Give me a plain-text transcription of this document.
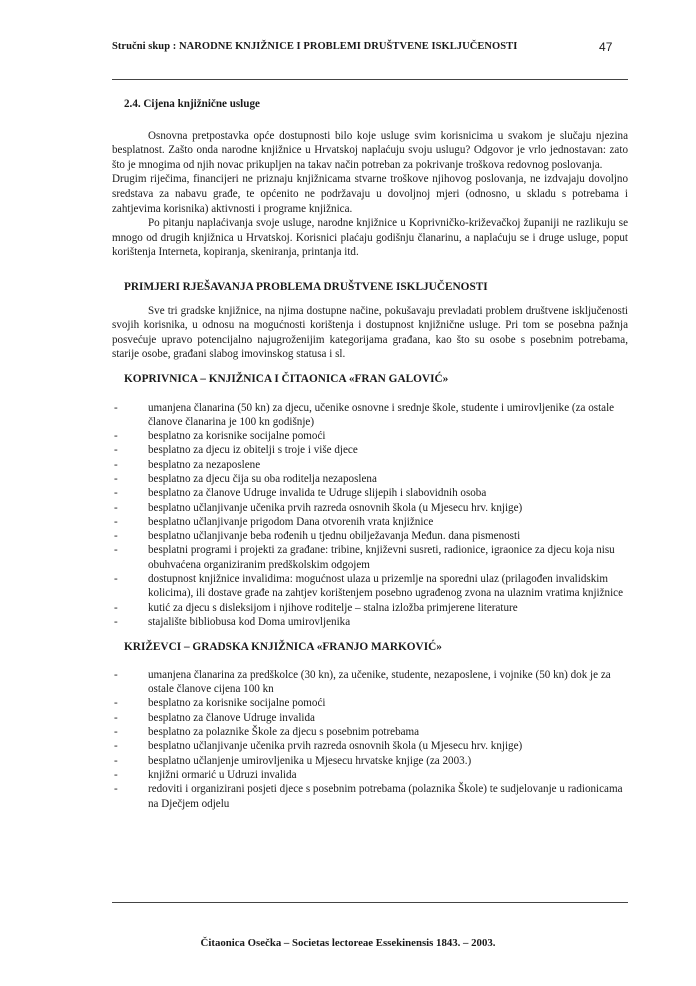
Stručni skup : NARODNE KNJIŽNICE I PROBLEMI DRUŠTVENE ISKLJUČENOSTI	47
2.4. Cijena knjižnične usluge

Osnovna pretpostavka opće dostupnosti bilo koje usluge svim korisnicima u svakom je slučaju njezina besplatnost. Zašto onda narodne knjižnice u Hrvatskoj naplaćuju svoju uslugu? Odgovor je vrlo jednostavan: zato što je mnogima od njih novac prikupljen na takav način potreban za pokrivanje troškova redovnog poslovanja.

Drugim riječima, financijeri ne priznaju knjižnicama stvarne troškove njihovog poslovanja, ne izdvajaju dovoljno sredstava za nabavu građe, te općenito ne podržavaju u dovoljnoj mjeri (odnosno, u skladu s potrebama i zahtjevima korisnika) aktivnosti i programe knjižnica.

Po pitanju naplaćivanja svoje usluge, narodne knjižnice u Koprivničko-križevačkoj županiji ne razlikuju se mnogo od drugih knjižnica u Hrvatskoj. Korisnici plaćaju godišnju članarinu, a naplaćuju se i druge usluge, poput korištenja Interneta, kopiranja, skeniranja, printanja itd.

PRIMJERI RJEŠAVANJA PROBLEMA DRUŠTVENE ISKLJUČENOSTI

Sve tri gradske knjižnice, na njima dostupne načine, pokušavaju prevladati problem društvene isključenosti svojih korisnika, u odnosu na mogućnosti korištenja i dostupnost knjižnične usluge. Pri tom se posebna pažnja posvećuje upravo potencijalno najugroženijim kategorijama građana, kao što su osobe s posebnim potrebama, starije osobe, građani slabog imovinskog statusa i sl.

KOPRIVNICA – KNJIŽNICA I ČITAONICA «FRAN GALOVIĆ»
- umanjena članarina (50 kn) za djecu, učenike osnovne i srednje škole, studente i umirovljenike (za ostale članove članarina je 100 kn godišnje)
- besplatno za korisnike socijalne pomoći
- besplatno za djecu iz obitelji s troje i više djece
- besplatno za nezaposlene
- besplatno za djecu čija su oba roditelja nezaposlena
- besplatno za članove Udruge invalida te Udruge slijepih i slabovidnih osoba
- besplatno učlanjivanje učenika prvih razreda osnovnih škola (u Mjesecu hrv. knjige)
- besplatno učlanjivanje prigodom Dana otvorenih vrata knjižnice
- besplatno učlanjivanje beba rođenih u tjednu obilježavanja Međun. dana pismenosti
- besplatni programi i projekti za građane: tribine, književni susreti, radionice, igraonice za djecu koja nisu obuhvaćena organiziranim predškolskim odgojem
- dostupnost knjižnice invalidima: mogućnost ulaza u prizemlje na sporedni ulaz (prilagođen invalidskim kolicima), ili dostave građe na zahtjev korištenjem posebno ugrađenog zvona na ulaznim vratima knjižnice
- kutić za djecu s disleksijom i njihove roditelje – stalna izložba primjerene literature
- stajalište bibliobusa kod Doma umirovljenika
KRIŽEVCI – GRADSKA KNJIŽNICA «FRANJO MARKOVIĆ»
- umanjena članarina za predškolce (30 kn), za učenike, studente, nezaposlene, i vojnike (50 kn) dok je za ostale članove cijena 100 kn
- besplatno za korisnike socijalne pomoći
- besplatno za članove Udruge invalida
- besplatno za polaznike Škole za djecu s posebnim potrebama
- besplatno učlanjivanje učenika prvih razreda osnovnih škola (u Mjesecu hrv. knjige)
- besplatno učlanjenje umirovljenika u Mjesecu hrvatske knjige (za 2003.)
- knjižni ormarić u Udruzi invalida
- redoviti i organizirani posjeti djece s posebnim potrebama (polaznika Škole) te sudjelovanje u radionicama na Dječjem odjelu
Čitaonica Osečka – Societas lectoreae Essekinensis 1843. – 2003.
